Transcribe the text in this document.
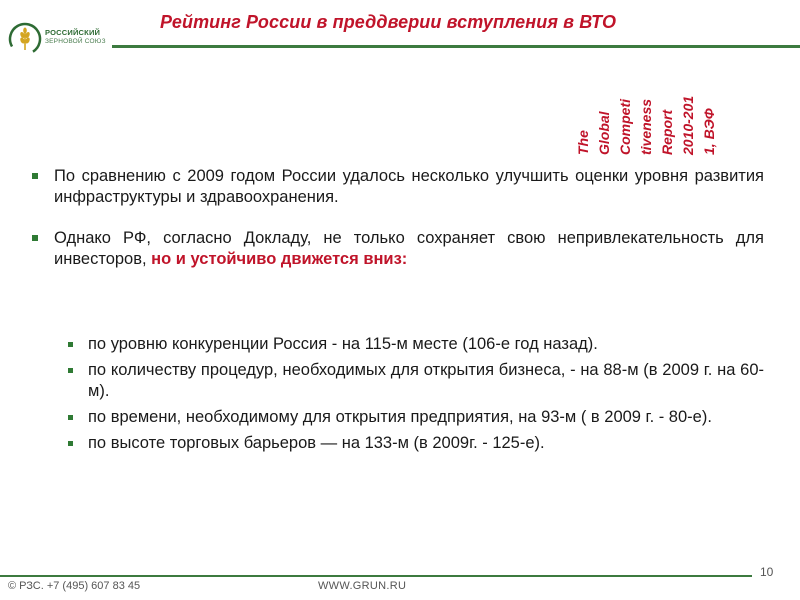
РОССИЙСКИЙ
ЗЕРНОВОЙ СОЮЗ
Рейтинг России в преддверии вступления в ВТО
The
Global
Competi
tiveness
Report
2010-201
1, ВЭФ
По сравнению с 2009 годом России удалось несколько улучшить оценки уровня развития инфраструктуры и здравоохранения.
Однако РФ, согласно Докладу, не только сохраняет свою непривлекательность для инвесторов, но и устойчиво движется вниз:
по уровню конкуренции Россия - на 115-м месте (106-е год назад).
по количеству процедур, необходимых для открытия бизнеса, - на 88-м (в 2009 г. на 60-м).
по времени, необходимому для открытия предприятия, на 93-м ( в 2009 г. - 80-е).
по высоте торговых барьеров — на 133-м (в 2009г. - 125-е).
10
© РЗС. +7 (495) 607 83 45	WWW.GRUN.RU
